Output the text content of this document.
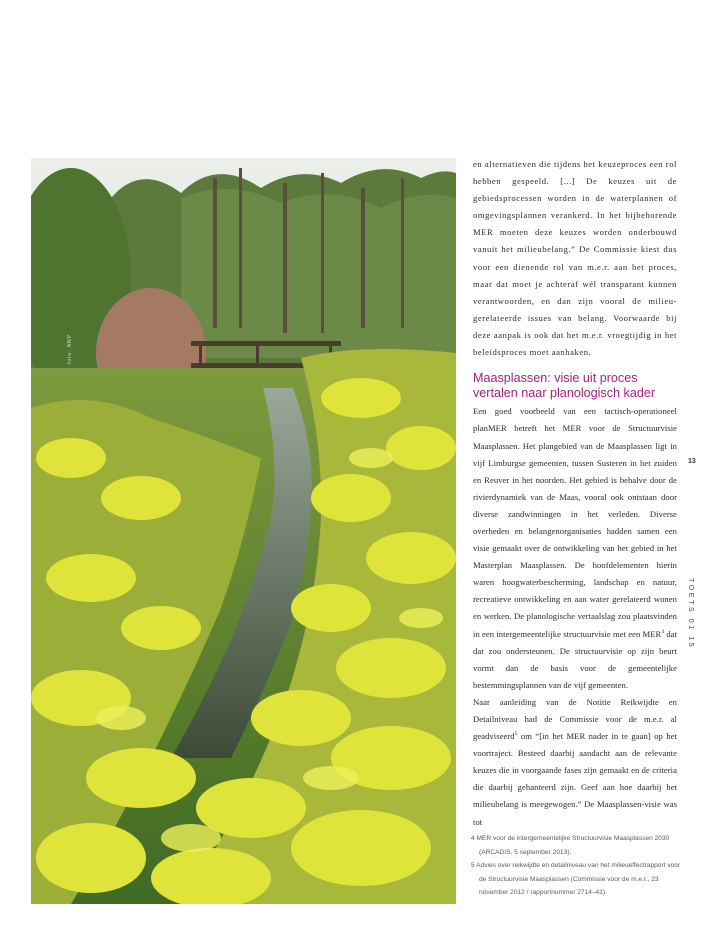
foto: ANP

en alternatieven die tijdens het keuzeproces een rol hebben gespeeld. [...] De keuzes uit de gebiedsprocessen worden in de waterplannen of omgevingsplannen verankerd. In het bijbehorende MER moeten deze keuzes worden onderbouwd vanuit het milieubelang.” De Commissie kiest dus voor een dienende rol van m.e.r. aan het proces, maar dat moet je achteraf wél transparant kunnen verantwoorden, en dan zijn vooral de milieu-gerelateerde issues van belang. Voorwaarde bij deze aanpak is ook dat het m.e.r. vroegtijdig in het beleidsproces moet aanhaken.

Maasplassen: visie uit proces vertalen naar planologisch kader

Een goed voorbeeld van een tactisch-operationeel planMER betreft het MER voor de Structuurvisie Maasplassen. Het plangebied van de Maasplassen ligt in vijf Limburgse gemeenten, tussen Susteren in het zuiden en Reuver in het noorden. Het gebied is behalve door de rivierdynamiek van de Maas, vooral ook ontstaan door diverse zandwinningen in het verleden. Diverse overheden en belangenorganisaties hadden samen een visie gemaakt over de ontwikkeling van het gebied in het Masterplan Maasplassen. De hoofdelementen hierin waren hoogwaterbescherming, landschap en natuur, recreatieve ontwikkeling en aan water gerelateerd wonen en werken. De planologische vertaalslag zou plaatsvinden in een intergemeentelijke structuurvisie met een MER$^4$ dat dat zou ondersteunen. De structuurvisie op zijn beurt vormt dan de basis voor de gemeentelijke bestemmingsplannen van de vijf gemeenten.

Naar aanleiding van de Notitie Reikwijdte en Detailniveau had de Commissie voor de m.e.r. al geadviseerd$^5$ om “[in het MER nader in te gaan] op het voortraject. Besteed daarbij aandacht aan de relevante keuzes die in voorgaande fases zijn gemaakt en de criteria die daarbij gehanteerd zijn. Geef aan hoe daarbij het milieubelang is meegewogen.” De Maasplassen-visie was tot

4 MER voor de intergemeentelijke Structuurvisie Maasplassen 2030 (ARCADIS, 5 september 2013).

5 Advies over reikwijdte en detailniveau van het milieueffectrapport voor de Structuurvisie Maasplassen (Commissie voor de m.e.r., 23 november 2012 / rapportnummer 2714–41).

13
TOETS 01 15
